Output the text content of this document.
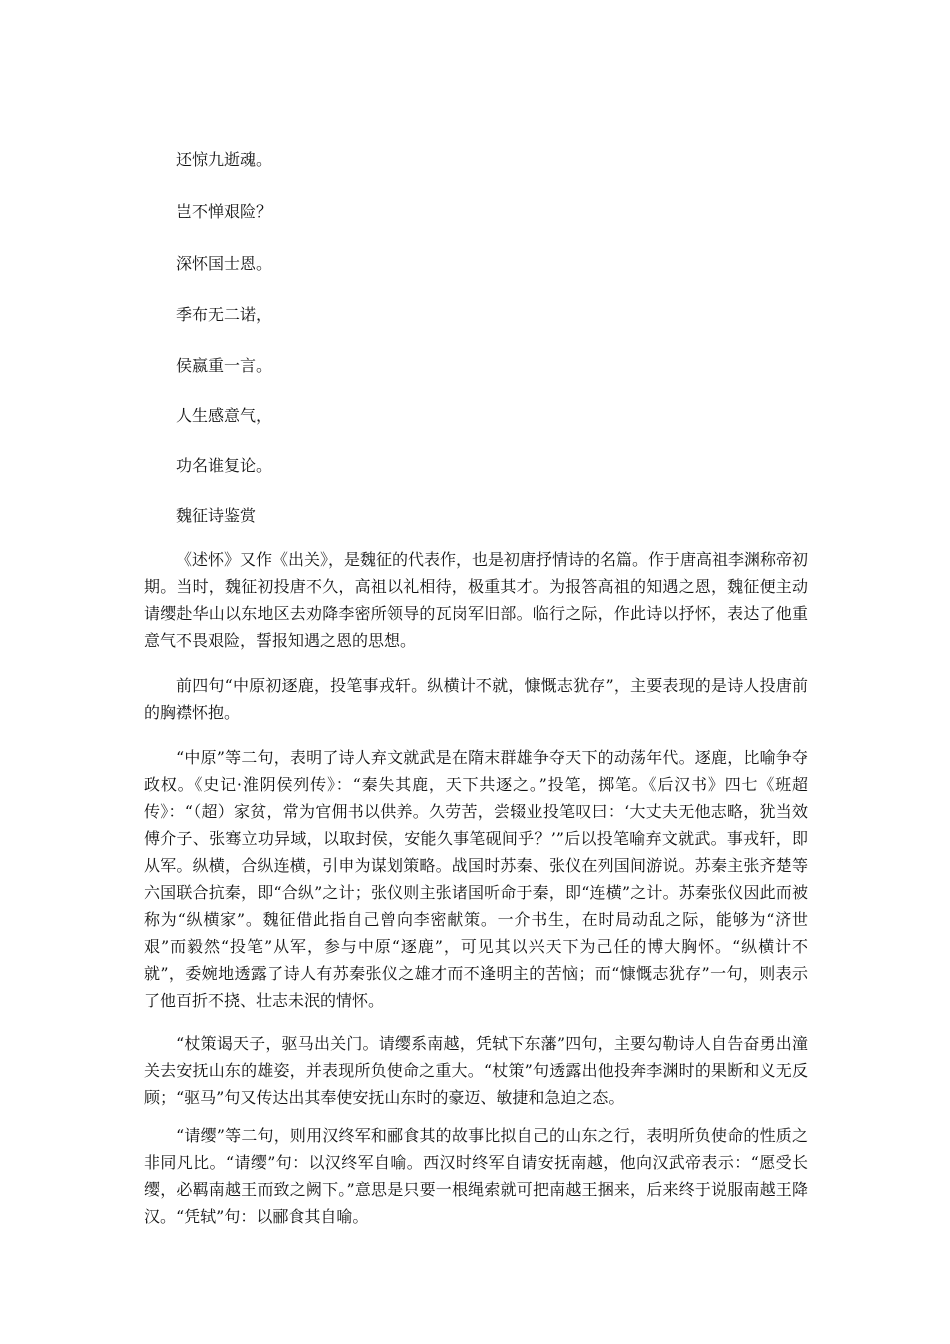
还惊九逝魂。

岂不惮艰险？

深怀国士恩。

季布无二诺，

侯嬴重一言。

人生感意气，

功名谁复论。

魏征诗鉴赏

《述怀》又作《出关》，是魏征的代表作，也是初唐抒情诗的名篇。作于唐高祖李渊称帝初期。当时，魏征初投唐不久，高祖以礼相待，极重其才。为报答高祖的知遇之恩，魏征便主动请缨赴华山以东地区去劝降李密所领导的瓦岗军旧部。临行之际，作此诗以抒怀，表达了他重意气不畏艰险，誓报知遇之恩的思想。

前四句“中原初逐鹿，投笔事戎轩。纵横计不就，慷慨志犹存”，主要表现的是诗人投唐前的胸襟怀抱。

“中原”等二句，表明了诗人弃文就武是在隋末群雄争夺天下的动荡年代。逐鹿，比喻争夺政权。《史记·淮阴侯列传》：“秦失其鹿，天下共逐之。”投笔，掷笔。《后汉书》四七《班超传》：“（超）家贫，常为官佣书以供养。久劳苦，尝辍业投笔叹曰：‘大丈夫无他志略，犹当效傅介子、张骞立功异域，以取封侯，安能久事笔砚间乎？’”后以投笔喻弃文就武。事戎轩，即从军。纵横，合纵连横，引申为谋划策略。战国时苏秦、张仪在列国间游说。苏秦主张齐楚等六国联合抗秦，即“合纵”之计；张仪则主张诸国听命于秦，即“连横”之计。苏秦张仪因此而被称为“纵横家”。魏征借此指自己曾向李密献策。一介书生，在时局动乱之际，能够为“济世艰”而毅然“投笔”从军，参与中原“逐鹿”，可见其以兴天下为己任的博大胸怀。“纵横计不就”，委婉地透露了诗人有苏秦张仪之雄才而不逢明主的苦恼；而“慷慨志犹存”一句，则表示了他百折不挠、壮志未泯的情怀。

“杖策谒天子，驱马出关门。请缨系南越，凭轼下东藩”四句，主要勾勒诗人自告奋勇出潼关去安抚山东的雄姿，并表现所负使命之重大。“杖策”句透露出他投奔李渊时的果断和义无反顾；“驱马”句又传达出其奉使安抚山东时的豪迈、敏捷和急迫之态。

“请缨”等二句，则用汉终军和郦食其的故事比拟自己的山东之行，表明所负使命的性质之非同凡比。“请缨”句：以汉终军自喻。西汉时终军自请安抚南越，他向汉武帝表示：“愿受长缨，必羁南越王而致之阙下。”意思是只要一根绳索就可把南越王捆来，后来终于说服南越王降汉。“凭轼”句：以郦食其自喻。
